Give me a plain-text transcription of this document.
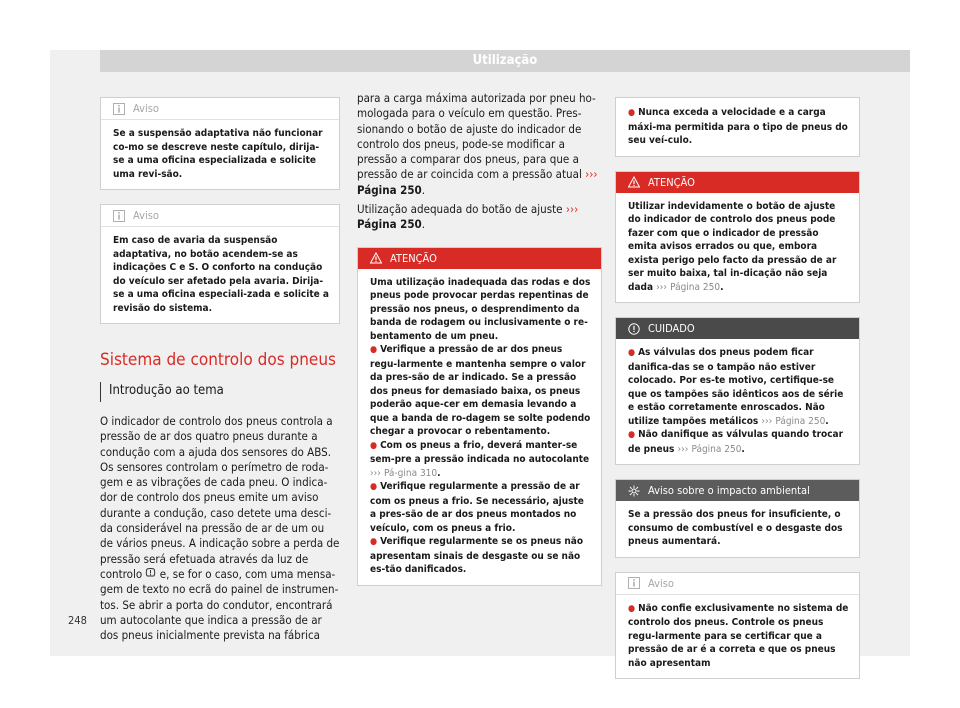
Utilização
Aviso

Se a suspensão adaptativa não funcionar co-mo se descreve neste capítulo, dirija-se a uma oficina especializada e solicite uma revi-são.

Aviso

Em caso de avaria da suspensão adaptativa, no botão acendem-se as indicações C e S. O conforto na condução do veículo ser afetado pela avaria. Dirija-se a uma oficina especiali-zada e solicite a revisão do sistema.

Sistema de controlo dos pneus
Introdução ao tema

O indicador de controlo dos pneus controla a pressão de ar dos quatro pneus durante a condução com a ajuda dos sensores do ABS. Os sensores controlam o perímetro de roda-gem e as vibrações de cada pneu. O indica-dor de controlo dos pneus emite um aviso durante a condução, caso detete uma desci-da considerável na pressão de ar de um ou de vários pneus. A indicação sobre a perda de pressão será efetuada através da luz de controlo  e, se for o caso, com uma mensa-gem de texto no ecrã do painel de instrumen-tos. Se abrir a porta do condutor, encontrará um autocolante que indica a pressão de ar dos pneus inicialmente prevista na fábrica

para a carga máxima autorizada por pneu ho-mologada para o veículo em questão. Pres-sionando o botão de ajuste do indicador de controlo dos pneus, pode-se modificar a pressão a comparar dos pneus, para que a pressão de ar coincida com a pressão atual ››› Página 250.

Utilização adequada do botão de ajuste ››› Página 250.

ATENÇÃO

Uma utilização inadequada das rodas e dos pneus pode provocar perdas repentinas de pressão nos pneus, o desprendimento da banda de rodagem ou inclusivamente o re-bentamento de um pneu.

● Verifique a pressão de ar dos pneus regu-larmente e mantenha sempre o valor da pres-são de ar indicado. Se a pressão dos pneus for demasiado baixa, os pneus poderão aque-cer em demasia levando a que a banda de ro-dagem se solte podendo chegar a provocar o rebentamento.

● Com os pneus a frio, deverá manter-se sem-pre a pressão indicada no autocolante ››› Pá-gina 310.

● Verifique regularmente a pressão de ar com os pneus a frio. Se necessário, ajuste a pres-são de ar dos pneus montados no veículo, com os pneus a frio.

● Verifique regularmente se os pneus não apresentam sinais de desgaste ou se não es-tão danificados.

● Nunca exceda a velocidade e a carga máxi-ma permitida para o tipo de pneus do seu veí-culo.

ATENÇÃO

Utilizar indevidamente o botão de ajuste do indicador de controlo dos pneus pode fazer com que o indicador de pressão emita avisos errados ou que, embora exista perigo pelo facto da pressão de ar ser muito baixa, tal in-dicação não seja dada ››› Página 250.

CUIDADO

● As válvulas dos pneus podem ficar danifica-das se o tampão não estiver colocado. Por es-te motivo, certifique-se que os tampões são idênticos aos de série e estão corretamente enroscados. Não utilize tampões metálicos ››› Página 250.

● Não danifique as válvulas quando trocar de pneus ››› Página 250.

Aviso sobre o impacto ambiental

Se a pressão dos pneus for insuficiente, o consumo de combustível e o desgaste dos pneus aumentará.

Aviso

● Não confie exclusivamente no sistema de controlo dos pneus. Controle os pneus regu-larmente para se certificar que a pressão de ar é a correta e que os pneus não apresentam

248
